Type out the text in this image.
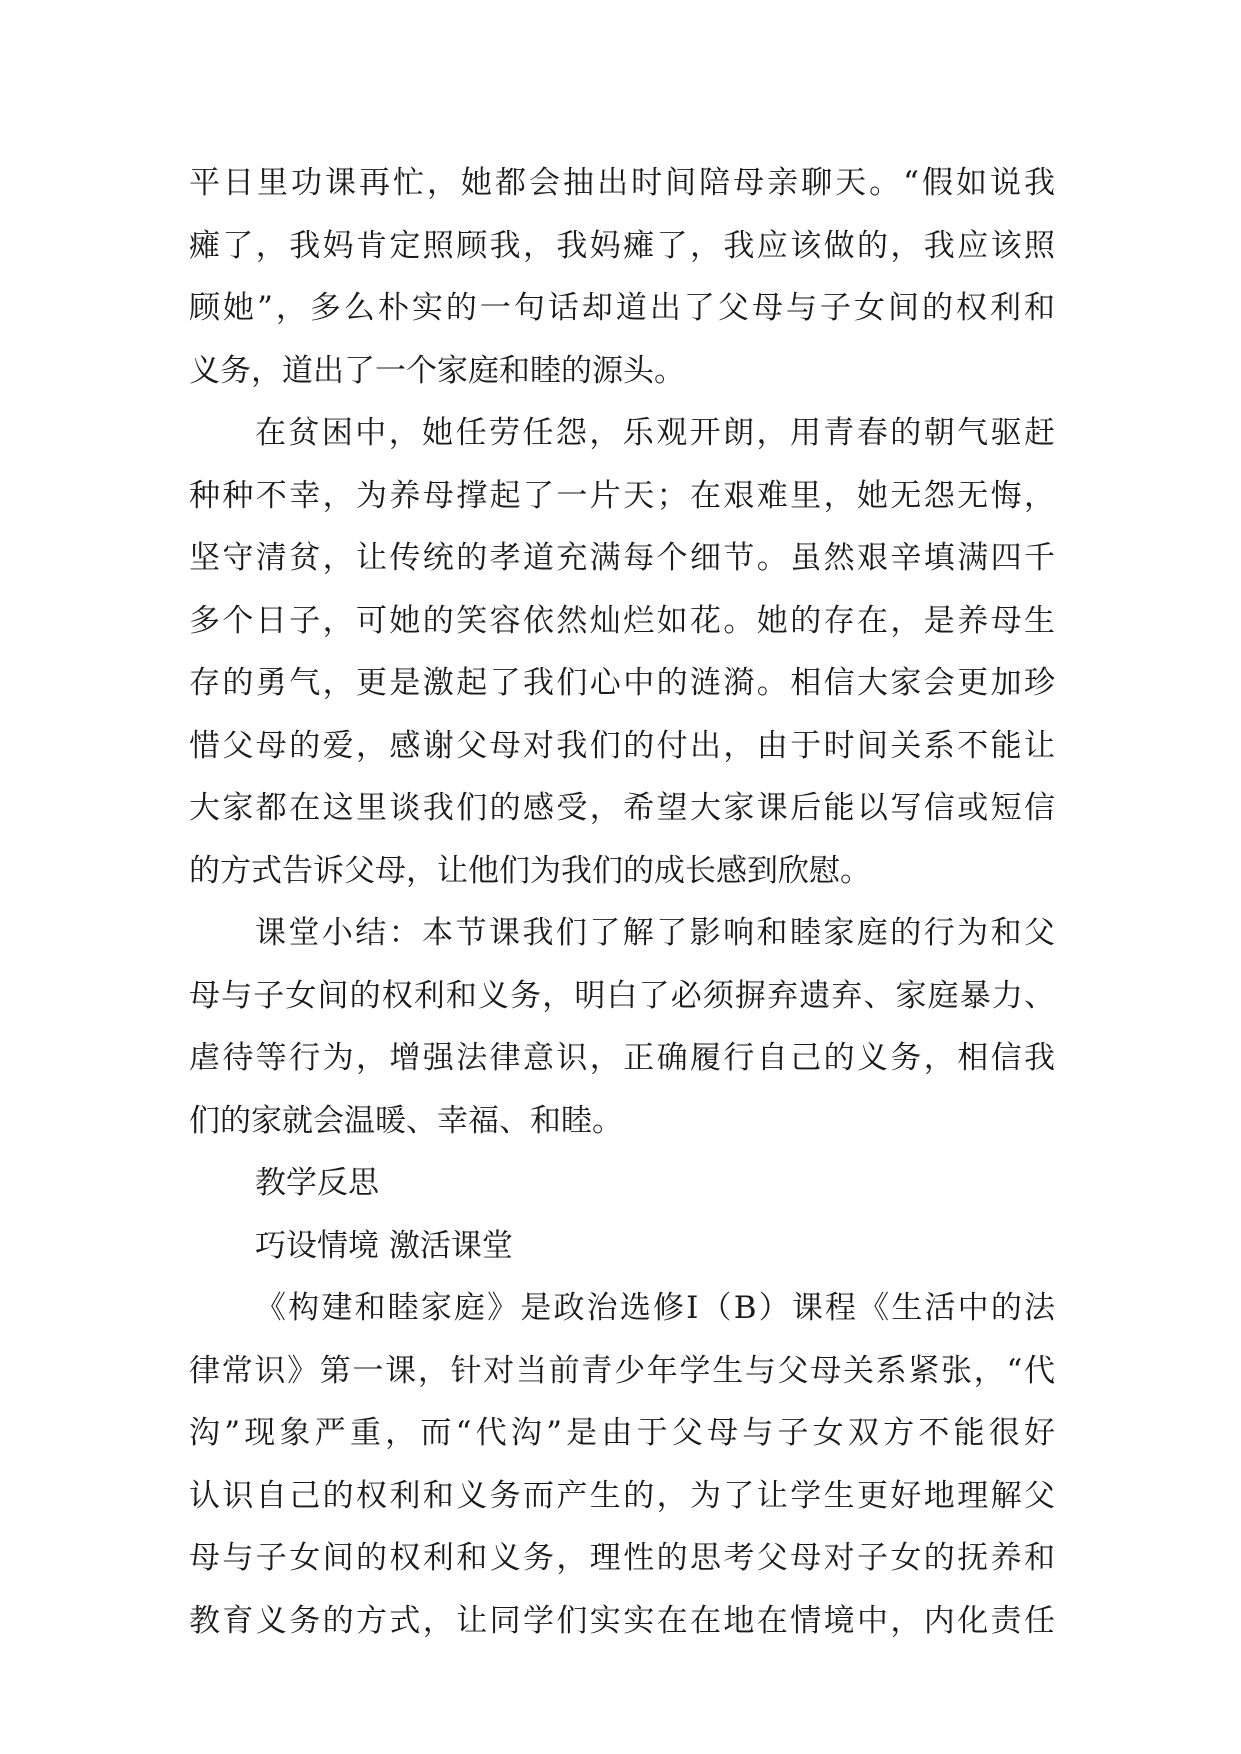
平日里功课再忙，她都会抽出时间陪母亲聊天。“假如说我
瘫了，我妈肯定照顾我，我妈瘫了，我应该做的，我应该照
顾她”，多么朴实的一句话却道出了父母与子女间的权利和
义务，道出了一个家庭和睦的源头。
在贫困中，她任劳任怨，乐观开朗，用青春的朝气驱赶
种种不幸，为养母撑起了一片天；在艰难里，她无怨无悔，
坚守清贫，让传统的孝道充满每个细节。虽然艰辛填满四千
多个日子，可她的笑容依然灿烂如花。她的存在，是养母生
存的勇气，更是激起了我们心中的涟漪。相信大家会更加珍
惜父母的爱，感谢父母对我们的付出，由于时间关系不能让
大家都在这里谈我们的感受，希望大家课后能以写信或短信
的方式告诉父母，让他们为我们的成长感到欣慰。
课堂小结：本节课我们了解了影响和睦家庭的行为和父
母与子女间的权利和义务，明白了必须摒弃遗弃、家庭暴力、
虐待等行为，增强法律意识，正确履行自己的义务，相信我
们的家就会温暖、幸福、和睦。
教学反思
巧设情境 激活课堂
《构建和睦家庭》是政治选修Ⅰ（B）课程《生活中的法
律常识》第一课，针对当前青少年学生与父母关系紧张，“代
沟”现象严重，而“代沟”是由于父母与子女双方不能很好
认识自己的权利和义务而产生的，为了让学生更好地理解父
母与子女间的权利和义务，理性的思考父母对子女的抚养和
教育义务的方式，让同学们实实在在地在情境中，内化责任
